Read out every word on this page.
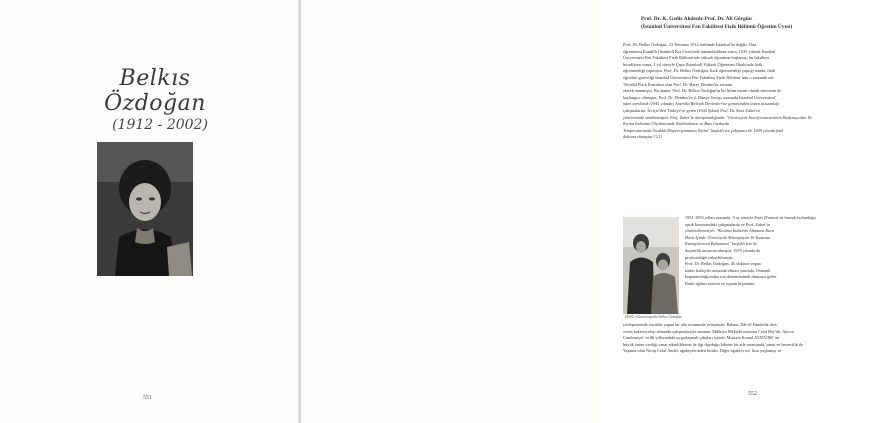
Belkıs Özdoğan
(1912 - 2002)
551
Prof. Dr. K. Gediz Akdeniz-Prof. Dr. Ali Görgün
(İstanbul Üniversitesi Fen Fakültesi Fizik Bölümü Öğretim Üyesi)
Prof. Dr. Belkıs Özdoğan, 23 Temmuz 1912 tarihinde İstanbul'da doğdu. Orta
öğrenimini Kandilli (İnanbul) Kız Lisesi'nde tamamladıktan sonra, 1930 yılında İstanbul
Üniversitesi Fen Fakültesi Fizik Bölümü'nde yüksek öğrenime başlamış; bu fakülteyi
bitirdikten sonra, 1 yıl süreyle Çapa (İstanbul) Yüksek Öğretmen Okulu'nda fizik
öğretmenliği yapmıştır. Prof. Dr. Belkıs Özdoğan, fizik öğretmenliği yaptığı sırada, fizik
öğretimi görevliği İstanbul Üniversitesi Fen Fakültesi Fizik Bölümü' nün o zamanki adı
'Tecrübi Fizik Enstitüsü olan Prof. Dr. Harry Dember'in asistanı
olarak atanmıştır. Bu atama, Prof. Dr. Belkıs Özdoğan'ın bir bilim insanı olarak sürecinin de
başlangıcı olmuştur. Prof. Dr. Dember'in 2. Dünya Savaşı sırasında İstanbul Üniversitesi'
nden ayrılarak (1941 yılında) Amerika Birleşik Devletleri'ne gitmesinden sonra asistanlığı
çalışmalarını, İsviçre'den Türkiye'ye gelen (1944 Şubat) Prof. Dr. Kurt Zuber'in
yönetiminde sürdürmüştür. Prof. Zuber'in danışmanlığında, "Ultraviyole İnterferometresinin Radyasyonlar İle
Kırma İndisinin Ölçülmesinde Kullanılması ve Bazı Gazlarda
Temperaturunda Sıcaklık Dispersiyonunun Tayini" başlıklı tez çalışması ile 1949 yılında fizik
doktora olmuştur [1,2]
1960'lı yılların başında Belkıs Özdoğan
1951-1953 yılları arasında, 9 ay süreyle Paris (Fransa) de bursalı bulunduğu
optik konusundaki çalışmalarda ve Prof. Zuber'in
yönlendirmesiyle, "Kırılma İndisinin Alınması Kuru
Hava İçinde Ultraviyole Absorpsiyon Ve Yansıma
Katsayılarının Bulunması" başlıklı tezi ile
doçentlik unvanını almıştır. 1970 yılında da
profesörlüğe yükseltilmiştir.
Prof. Dr. Belkıs Özdoğan, ilk doktora yapan
kadın fizikçiler arasında olması yanında, Osmanlı
İmparatorluğu'ndan son dönemlerinde dünyaya gelen
Batılı eğitim sistemi ve yaşam biçiminin
yerleşmesinde öncülük yapan bir aile ortamında yetişmiştir. Babası, Dâr-ül Fünûn'da ders
veren bakteriyoloji alanında çalışmalarıyla tanınan, Mülkiye Mektebi mezunu Celal Bey'dir. Ayrıca,
Cumhuriyet' in ilk yıllarındaki uygarlaşmak çabaları içinde, Mustafa Kemal ATATÜRK' ün
büyük önem verdiği sanat etkinliklerine de ilgi duyduğu bilinen bir aile ortamında, sanat ve bestecilik ile
Yaşama olan Necip Celal Andel, ağabeylerinden biridir. Diğer ağabeyi ise, kısa yaşlamışı ve
552
